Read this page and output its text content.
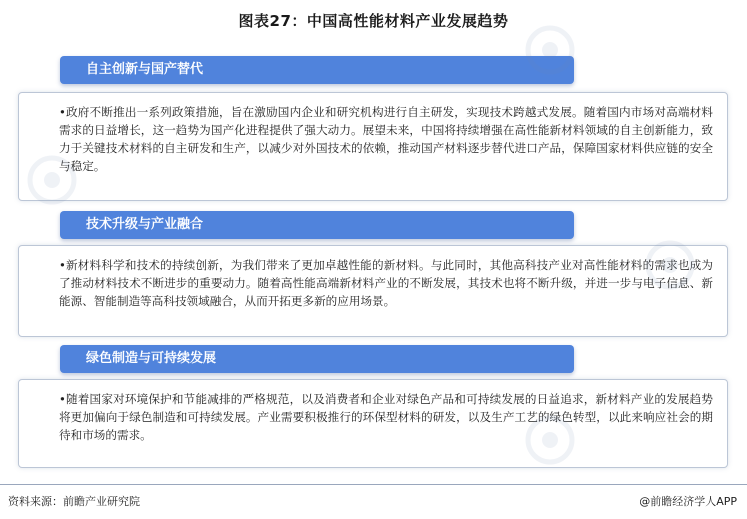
图表27：中国高性能材料产业发展趋势
自主创新与国产替代

•政府不断推出一系列政策措施，旨在激励国内企业和研究机构进行自主研发，实现技术跨越式发展。随着国内市场对高端材料需求的日益增长，这一趋势为国产化进程提供了强大动力。展望未来，中国将持续增强在高性能新材料领域的自主创新能力，致力于关键技术材料的自主研发和生产，以减少对外国技术的依赖，推动国产材料逐步替代进口产品，保障国家材料供应链的安全与稳定。

技术升级与产业融合

•新材料科学和技术的持续创新，为我们带来了更加卓越性能的新材料。与此同时，其他高科技产业对高性能材料的需求也成为了推动材料技术不断进步的重要动力。随着高性能高端新材料产业的不断发展，其技术也将不断升级，并进一步与电子信息、新能源、智能制造等高科技领域融合，从而开拓更多新的应用场景。

绿色制造与可持续发展

•随着国家对环境保护和节能减排的严格规范，以及消费者和企业对绿色产品和可持续发展的日益追求，新材料产业的发展趋势将更加偏向于绿色制造和可持续发展。产业需要积极推行的环保型材料的研发，以及生产工艺的绿色转型，以此来响应社会的期待和市场的需求。

资料来源：前瞻产业研究院	@前瞻经济学人APP
